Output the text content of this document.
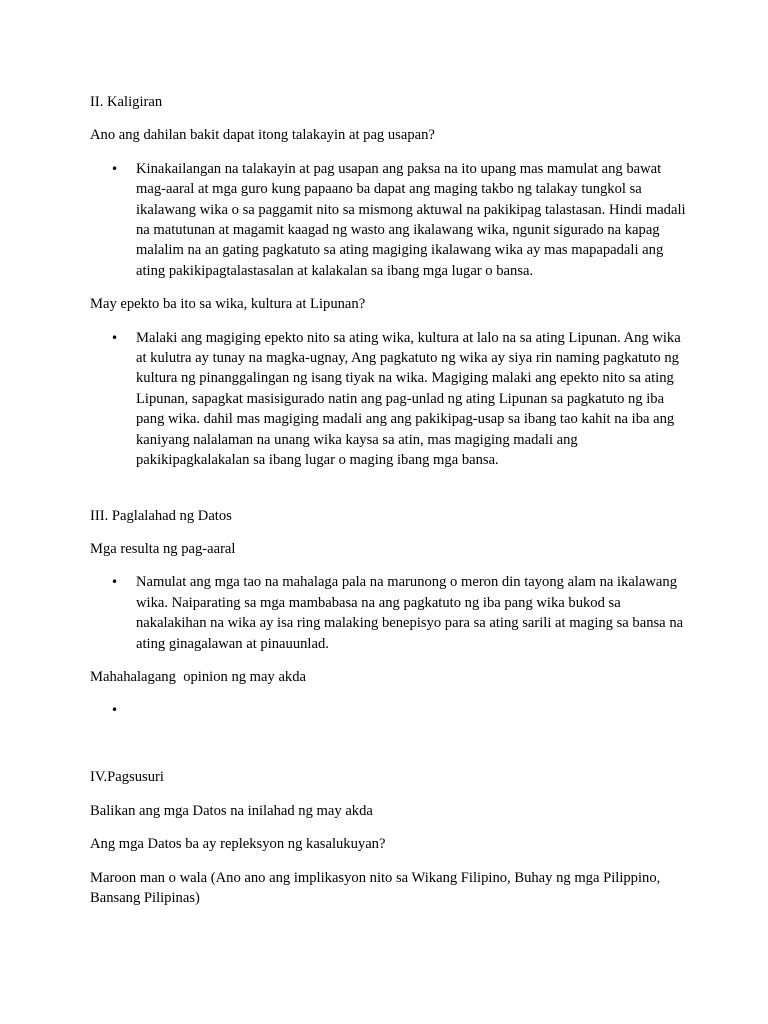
II. Kaligiran

Ano ang dahilan bakit dapat itong talakayin at pag usapan?

• Kinakailangan na talakayin at pag usapan ang paksa na ito upang mas mamulat ang bawat mag-aaral at mga guro kung papaano ba dapat ang maging takbo ng talakay tungkol sa ikalawang wika o sa paggamit nito sa mismong aktuwal na pakikipag talastasan. Hindi madali na matutunan at magamit kaagad ng wasto ang ikalawang wika, ngunit sigurado na kapag malalim na an gating pagkatuto sa ating magiging ikalawang wika ay mas mapapadali ang ating pakikipagtalastasalan at kalakalan sa ibang mga lugar o bansa.

May epekto ba ito sa wika, kultura at Lipunan?

• Malaki ang magiging epekto nito sa ating wika, kultura at lalo na sa ating Lipunan. Ang wika at kulutra ay tunay na magka-ugnay, Ang pagkatuto ng wika ay siya rin naming pagkatuto ng kultura ng pinanggalingan ng isang tiyak na wika. Magiging malaki ang epekto nito sa ating Lipunan, sapagkat masisigurado natin ang pag-unlad ng ating Lipunan sa pagkatuto ng iba pang wika. dahil mas magiging madali ang ang pakikipag-usap sa ibang tao kahit na iba ang kaniyang nalalaman na unang wika kaysa sa atin, mas magiging madali ang pakikipagkalakalan sa ibang lugar o maging ibang mga bansa.

III. Paglalahad ng Datos

Mga resulta ng pag-aaral

• Namulat ang mga tao na mahalaga pala na marunong o meron din tayong alam na ikalawang wika. Naiparating sa mga mambabasa na ang pagkatuto ng iba pang wika bukod sa nakalakihan na wika ay isa ring malaking benepisyo para sa ating sarili at maging sa bansa na ating ginagalawan at pinauunlad.

Mahahalagang  opinion ng may akda

•

IV.Pagsusuri

Balikan ang mga Datos na inilahad ng may akda

Ang mga Datos ba ay repleksyon ng kasalukuyan?

Maroon man o wala (Ano ano ang implikasyon nito sa Wikang Filipino, Buhay ng mga Pilippino, Bansang Pilipinas)
